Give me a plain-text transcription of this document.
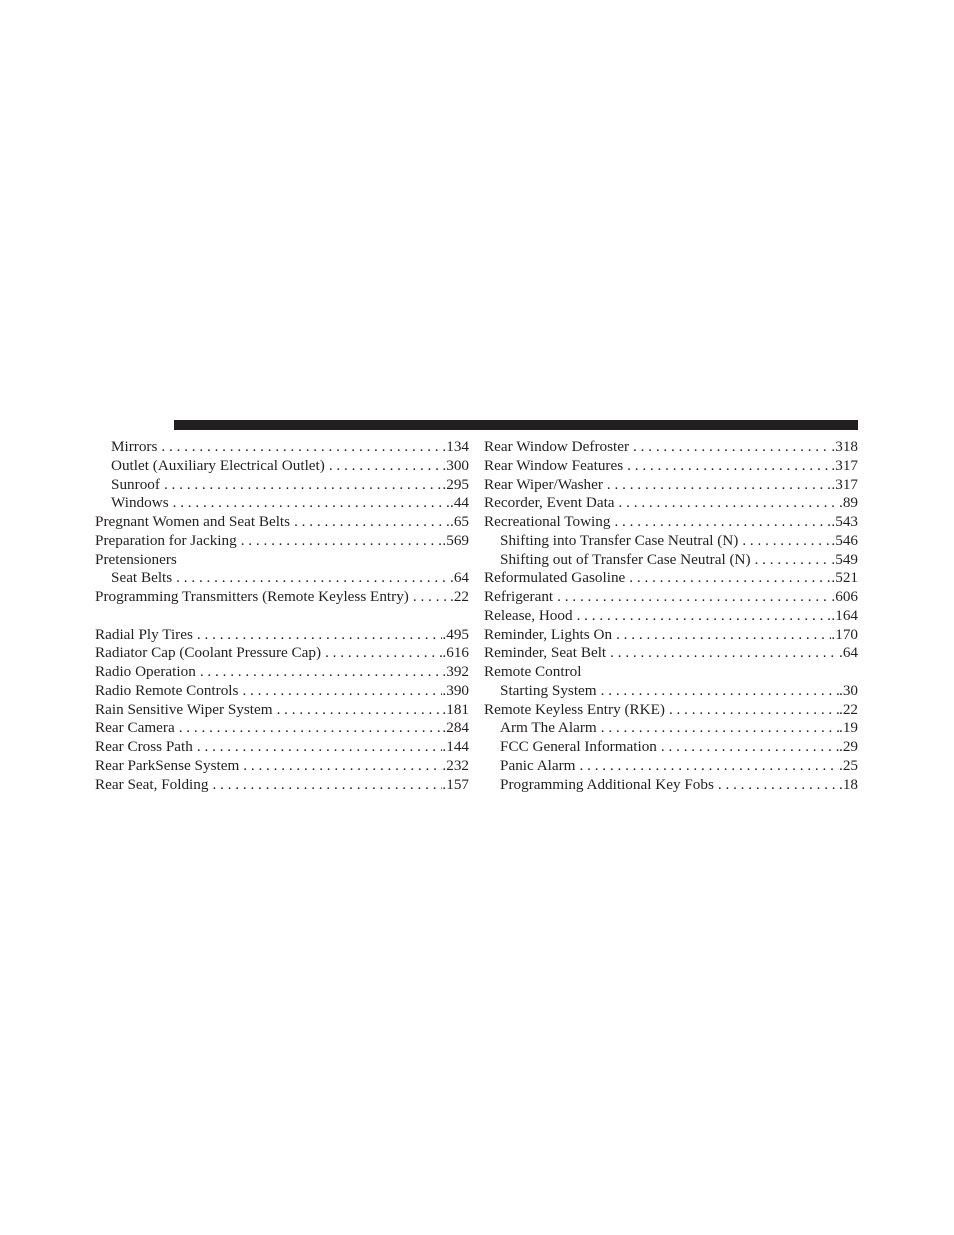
Mirrors . . .	.134
Outlet (Auxiliary Electrical Outlet) . . .	.300
Sunroof . . .	.295
Windows . . .	.44
Pregnant Women and Seat Belts . . .	.65
Preparation for Jacking . . .	.569
Pretensioners
Seat Belts . . .	.64
Programming Transmitters (Remote Keyless Entry) . . .	.22
Radial Ply Tires . . .	.495
Radiator Cap (Coolant Pressure Cap) . . .	.616
Radio Operation . . .	.392
Radio Remote Controls . . .	.390
Rain Sensitive Wiper System . . .	.181
Rear Camera . . .	.284
Rear Cross Path . . .	.144
Rear ParkSense System . . .	.232
Rear Seat, Folding . . .	.157
Rear Window Defroster . . .	.318
Rear Window Features . . .	.317
Rear Wiper/Washer . . .	.317
Recorder, Event Data . . .	.89
Recreational Towing . . .	.543
Shifting into Transfer Case Neutral (N) . . .	.546
Shifting out of Transfer Case Neutral (N) . . .	.549
Reformulated Gasoline . . .	.521
Refrigerant . . .	.606
Release, Hood . . .	.164
Reminder, Lights On . . .	.170
Reminder, Seat Belt . . .	.64
Remote Control
Starting System . . .	.30
Remote Keyless Entry (RKE) . . .	.22
Arm The Alarm . . .	.19
FCC General Information . . .	.29
Panic Alarm . . .	.25
Programming Additional Key Fobs . . .	.18
